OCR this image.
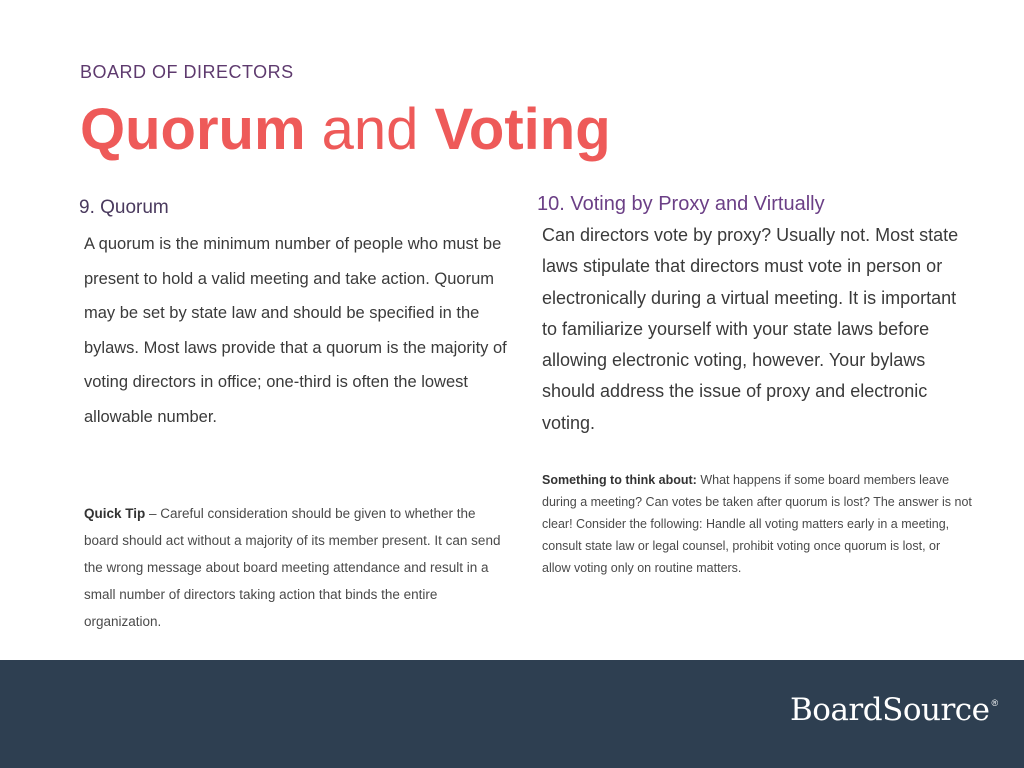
BOARD OF DIRECTORS
Quorum and Voting
9. Quorum
A quorum is the minimum number of people who must be present to hold a valid meeting and take action. Quorum may be set by state law and should be specified in the bylaws. Most laws provide that a quorum is the majority of voting directors in office; one-third is often the lowest allowable number.
Quick Tip – Careful consideration should be given to whether the board should act without a majority of its member present. It can send the wrong message about board meeting attendance and result in a small number of directors taking action that binds the entire organization.
10. Voting by Proxy and Virtually
Can directors vote by proxy? Usually not. Most state laws stipulate that directors must vote in person or electronically during a virtual meeting. It is important to familiarize yourself with your state laws before allowing electronic voting, however. Your bylaws should address the issue of proxy and electronic voting.
Something to think about: What happens if some board members leave during a meeting? Can votes be taken after quorum is lost? The answer is not clear! Consider the following: Handle all voting matters early in a meeting, consult state law or legal counsel, prohibit voting once quorum is lost, or allow voting only on routine matters.
BoardSource ®
